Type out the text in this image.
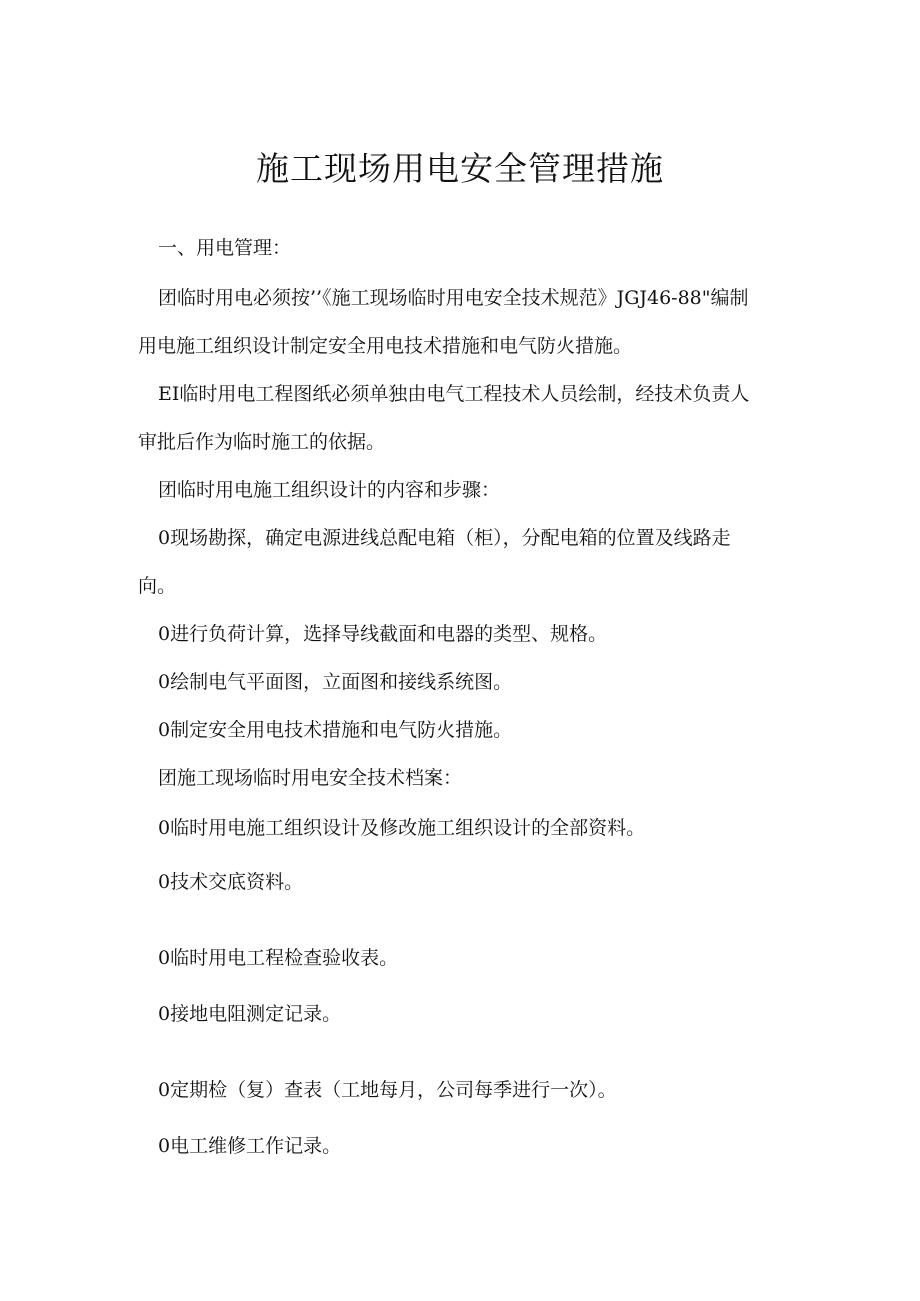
施工现场用电安全管理措施
一、用电管理：
团临时用电必须按’’《施工现场临时用电安全技术规范》JGJ46-88"编制
用电施工组织设计制定安全用电技术措施和电气防火措施。
EI临时用电工程图纸必须单独由电气工程技术人员绘制，经技术负责人
审批后作为临时施工的依据。
团临时用电施工组织设计的内容和步骤：
0现场勘探，确定电源进线总配电箱（柜），分配电箱的位置及线路走
向。
0进行负荷计算，选择导线截面和电器的类型、规格。
0绘制电气平面图，立面图和接线系统图。
0制定安全用电技术措施和电气防火措施。
团施工现场临时用电安全技术档案：
0临时用电施工组织设计及修改施工组织设计的全部资料。
0技术交底资料。
0临时用电工程检查验收表。
0接地电阻测定记录。
0定期检（复）查表（工地每月，公司每季进行一次）。
0电工维修工作记录。
